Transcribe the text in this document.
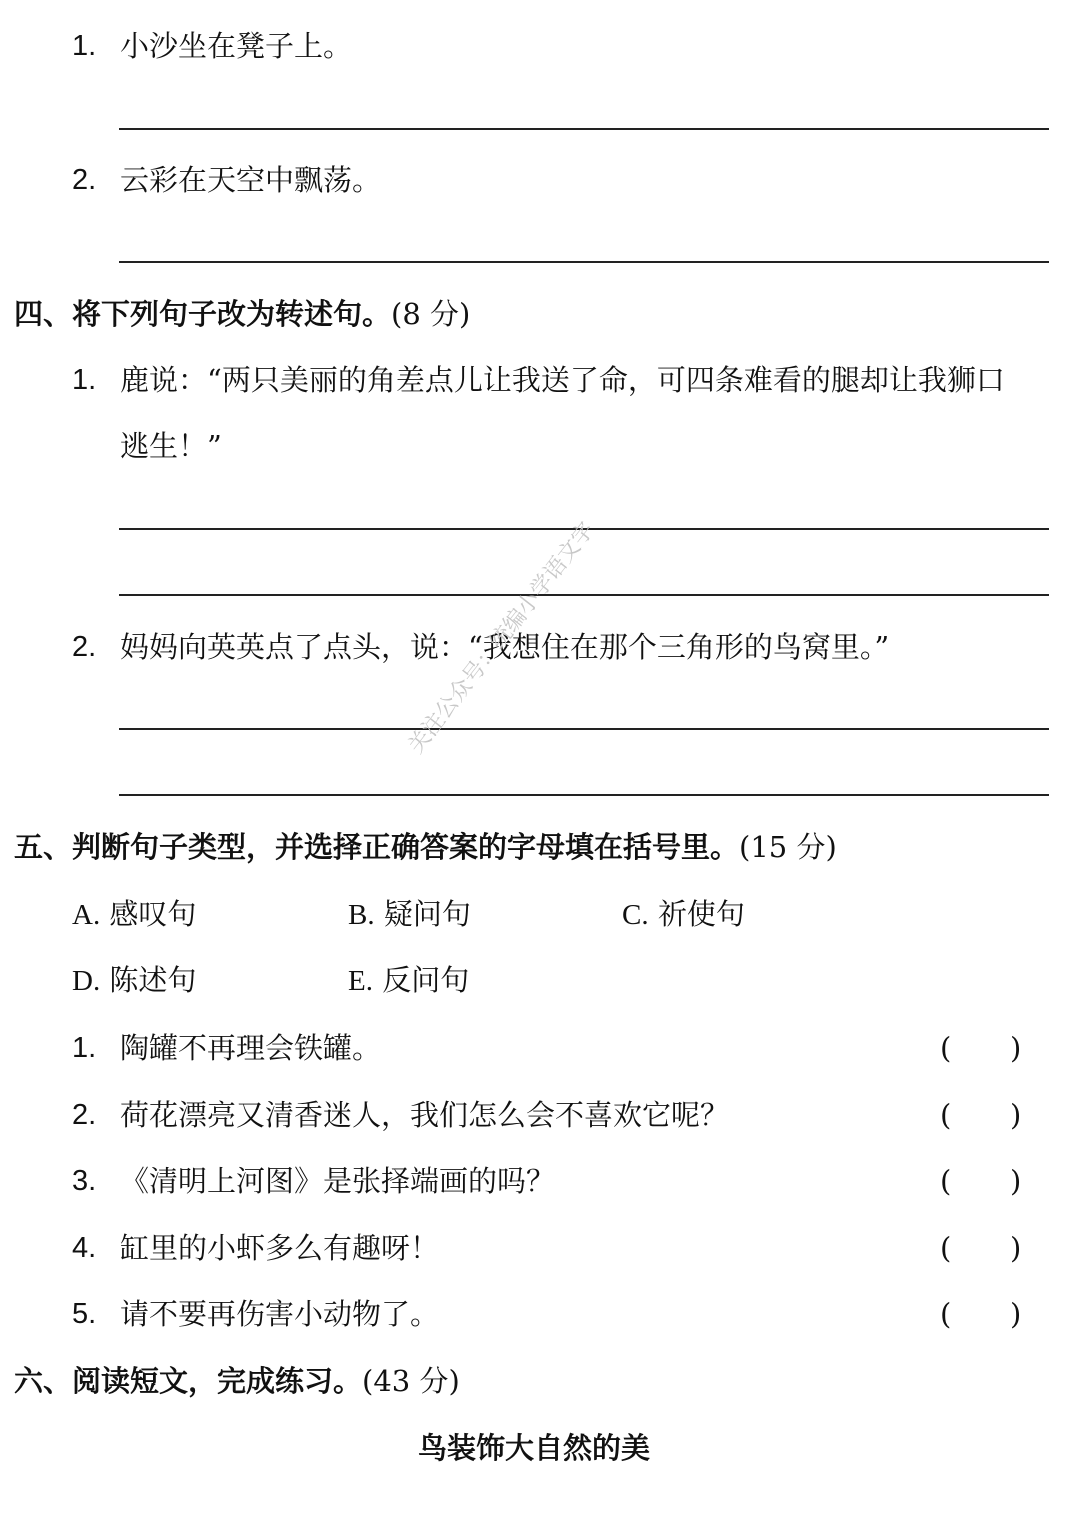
1. 小沙坐在凳子上。
2. 云彩在天空中飘荡。
四、将下列句子改为转述句。(8 分)
1. 鹿说：“两只美丽的角差点儿让我送了命，可四条难看的腿却让我狮口
逃生！”
2. 妈妈向英英点了点头，说：“我想住在那个三角形的鸟窝里。”
五、判断句子类型，并选择正确答案的字母填在括号里。(15 分)
A. 感叹句	B. 疑问句	C. 祈使句
D. 陈述句	E. 反问句
1. 陶罐不再理会铁罐。	( )
2. 荷花漂亮又清香迷人，我们怎么会不喜欢它呢？	( )
3. 《清明上河图》是张择端画的吗？	( )
4. 缸里的小虾多么有趣呀！	( )
5. 请不要再伤害小动物了。	( )
六、阅读短文，完成练习。(43 分)
鸟装饰大自然的美
关注公众号：统编小学语文字
